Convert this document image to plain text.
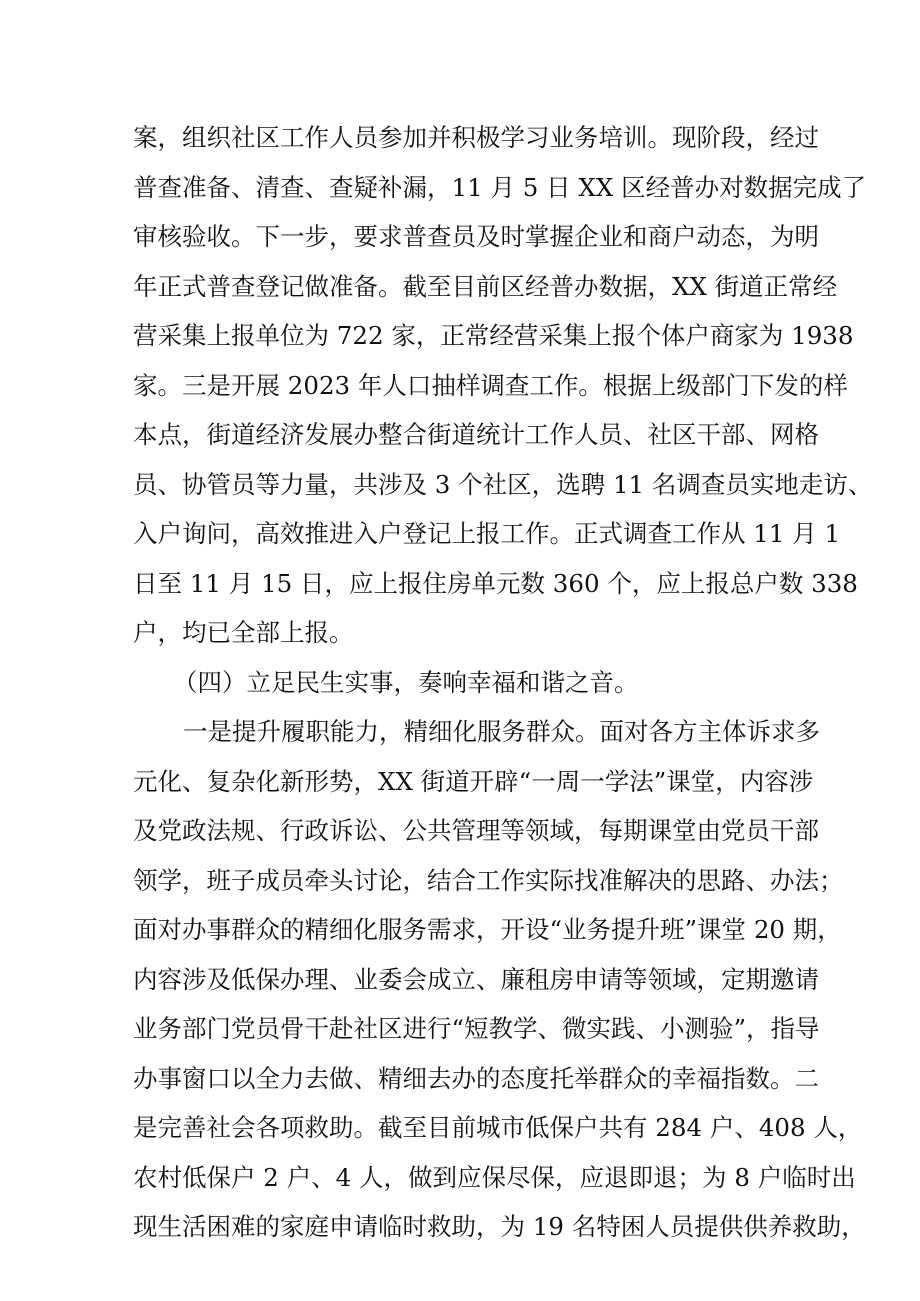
案，组织社区工作人员参加并积极学习业务培训。现阶段，经过
普查准备、清查、查疑补漏，11 月 5 日 XX 区经普办对数据完成了
审核验收。下一步，要求普查员及时掌握企业和商户动态，为明
年正式普查登记做准备。截至目前区经普办数据，XX 街道正常经
营采集上报单位为 722 家，正常经营采集上报个体户商家为 1938
家。三是开展 2023 年人口抽样调查工作。根据上级部门下发的样
本点，街道经济发展办整合街道统计工作人员、社区干部、网格
员、协管员等力量，共涉及 3 个社区，选聘 11 名调查员实地走访、
入户询问，高效推进入户登记上报工作。正式调查工作从 11 月 1
日至 11 月 15 日，应上报住房单元数 360 个，应上报总户数 338
户，均已全部上报。
（四）立足民生实事，奏响幸福和谐之音。
一是提升履职能力，精细化服务群众。面对各方主体诉求多
元化、复杂化新形势，XX 街道开辟“一周一学法”课堂，内容涉
及党政法规、行政诉讼、公共管理等领域，每期课堂由党员干部
领学，班子成员牵头讨论，结合工作实际找准解决的思路、办法；
面对办事群众的精细化服务需求，开设“业务提升班”课堂 20 期，
内容涉及低保办理、业委会成立、廉租房申请等领域，定期邀请
业务部门党员骨干赴社区进行“短教学、微实践、小测验”，指导
办事窗口以全力去做、精细去办的态度托举群众的幸福指数。二
是完善社会各项救助。截至目前城市低保户共有 284 户、408 人，
农村低保户 2 户、4 人，做到应保尽保，应退即退；为 8 户临时出
现生活困难的家庭申请临时救助，为 19 名特困人员提供供养救助，
